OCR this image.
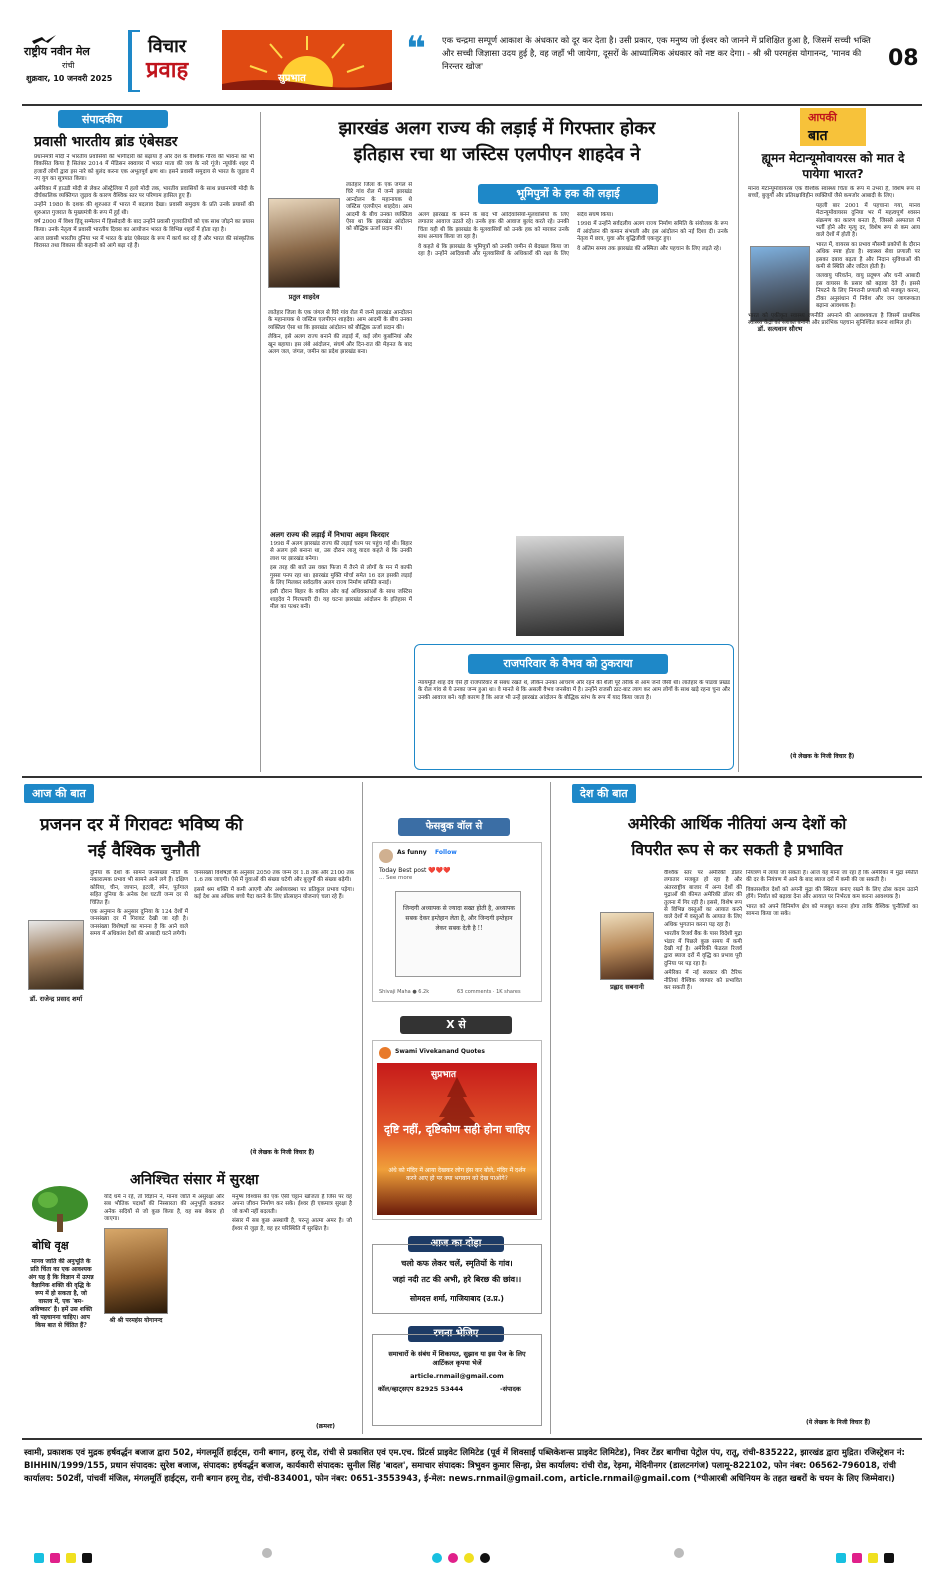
राष्ट्रीय नवीन मेल
रांची
शुक्रवार, 10 जनवरी 2025
विचार
प्रवाह	सुप्रभात
❝ एक चन्द्रमा सम्पूर्ण आकाश के अंधकार को दूर कर देता है। उसी प्रकार, एक मनुष्य जो ईश्वर को जानने में प्रशिक्षित हुआ है, जिसमें सच्ची भक्ति और सच्ची जिज्ञासा उदय हुई है, वह जहाँ भी जायेगा, दूसरों के आध्यात्मिक अंधकार को नष्ट कर देगा। - श्री श्री परमहंस योगानन्द, 'मानव की निरन्तर खोज'	08
संपादकीय
प्रवासी भारतीय ब्रांड एंबेसडर

प्रधानमंत्री मोदी ने भारतीय प्रवासियों की भागीदारी को बढ़ाया है और देश के वैश्विक गौरव की भावना को भी विकसित किया है सितंबर 2014 में मेडिसन स्क्वायर में भारत माता की जय के नारे गूंजे। न्यूयॉर्क शहर में हजारों लोगों द्वारा इस नारे को बुलंद करना एक अभूतपूर्व क्षण था। इसने प्रवासी समुदाय से भारत के जुड़ाव में नए युग का सूत्रपात किया।

अमेरिका में हाउडी मोदी से लेकर ऑस्ट्रेलिया में हलो मोदी तक, भारतीय प्रवासियों के साथ प्रधानमंत्री मोदी के दीर्घकालिक व्यक्तिगत जुड़ाव के कारण वैश्विक स्तर पर परिणाम हासिल हुए हैं।

उन्होंने 1980 के दशक की शुरुआत में भारत में बदलाव देखा। प्रवासी समुदाय के प्रति उनके प्रयासों की शुरुआत गुजरात के मुख्यमंत्री के रूप में हुई थी।

वर्ष 2000 में विश्व हिंदू सम्मेलन में हिस्सेदारी के बाद उन्होंने प्रवासी गुजरातियों को एक साथ जोड़ने का प्रयास किया। उनके नेतृत्व में प्रवासी भारतीय दिवस का आयोजन भारत के विभिन्न शहरों में होता रहा है।

आज प्रवासी भारतीय दुनिया भर में भारत के ब्रांड एंबेसडर के रूप में कार्य कर रहे हैं और भारत की सांस्कृतिक विरासत तथा विकास की कहानी को आगे बढ़ा रहे हैं।

झारखंड अलग राज्य की लड़ाई में गिरफ्तार होकर
इतिहास रचा था जस्टिस एलपीएन शाहदेव ने
प्रतुल शाहदेव

लातेहार जिला के एक जंगल से घिरे गांव रोल में जन्मे झारखंड आन्दोलन के महानायक थे जस्टिस एलपीएन शाहदेव। आम आदमी के बीच उनका व्यक्तित्व ऐसा था कि झारखंड आंदोलन को बौद्धिक ऊर्जा प्रदान की।

लेकिन, इसे अलग राज्य बनाने की लड़ाई में, कई लोग कुर्बानियां और खून बहाया। इस लंबे आंदोलन, संघर्ष और दिन-रात की मेहनत के बाद अलग जल, जंगल, जमीन का प्रदेश झारखंड बना।

लातेहार जिला के एक जंगल से घिरे गांव रोल में जन्मे झारखंड आन्दोलन के महानायक थे जस्टिस एलपीएन शाहदेव। आम आदमी के बीच उनका व्यक्तित्व ऐसा था कि झारखंड आंदोलन को बौद्धिक ऊर्जा प्रदान की।

अलग राज्य की लड़ाई में निभाया अहम किरदार

1998 में अलग झारखंड राज्य की लड़ाई चरम पर पहुंच गई थी। बिहार से अलग इसे बनाना था, उस दौरान लालू यादव कहते थे कि उनकी लाश पर झारखंड बनेगा।

इस तरह की बातें उस वक्त फिजा में तैरने से लोगों के मन में काफी गुस्सा पनप रहा था। झारखंड मुक्ति मोर्चा समेत 16 दल इसकी लड़ाई के लिए मिलकर सर्वदलीय अलग राज्य निर्माण समिति बनाई।

इसी दौरान बिहार के वकील और कई अधिवक्ताओं के साथ जस्टिस शाहदेव ने गिरफ्तारी दी। यह घटना झारखंड आंदोलन के इतिहास में मील का पत्थर बनी।

भूमिपुत्रों के हक की लड़ाई

अलग झारखंड के बनने के बाद भी आदिवासियों-मूलवासियों के लिए लगातार आवाज उठाते रहे। उनके हक की आवाज बुलंद करते रहे। उनकी चिंता यही थी कि झारखंड के मूलवासियों को उनके हक को मारकर उनके साथ अन्याय किया जा रहा है।

वे कहते थे कि झारखंड के भूमिपुत्रों को उनकी जमीन से बेदखल किया जा रहा है। उन्होंने आदिवासी और मूलवासियों के अधिकारों की रक्षा के लिए सदैव संघर्ष किया।

1998 में उन्होंने सर्वदलीय अलग राज्य निर्माण समिति के संयोजक के रूप में आंदोलन की कमान संभाली और इस आंदोलन को नई दिशा दी। उनके नेतृत्व में छात्र, युवा और बुद्धिजीवी एकजुट हुए।

वे अंतिम समय तक झारखंड की अस्मिता और पहचान के लिए लड़ते रहे।

राजपरिवार के वैभव को ठुकराया
न्यायमूर्ति शाह देव ऐसे ही राजपरिवार से संबंध रखते थे, लेकिन उनका आचरण और रहने की शैली पूरे तरीके से आम जनों जैसी थी। लातेहार के पांडवा प्रखंड के रोल गांव से ये उनका जन्म हुआ था। वे मानते थे कि असली वैभव जनसेवा में है। उन्होंने राजसी ठाट-बाट त्याग कर आम लोगों के साथ खड़े रहना चुना और उनकी आवाज बने। यही कारण है कि आज भी उन्हें झारखंड आंदोलन के बौद्धिक स्तंभ के रूप में याद किया जाता है।
आपकी
बात
ह्यूमन मेटान्यूमोवायरस को मात दे पायेगा भारत?
डॉ. सत्यवान सौरभ

मानव मेटान्यूमोवायरस एक वैश्विक स्वास्थ्य चिंता के रूप में उभरा है, विशेष रूप से बच्चों, बुजुर्गों और प्रतिरक्षाविहीन व्यक्तियों जैसे कमजोर आबादी के लिए।

पहली बार 2001 में पहचाना गया, मानव मेटान्यूमोवायरस दुनिया भर में महत्वपूर्ण श्वसन संक्रमण का कारण बनता है, जिससे अस्पताल में भर्ती होने और मृत्यु दर, विशेष रूप से कम आय वाले देशों में होती है।

भारत में, वायरस का प्रभाव मौसमी प्रकोपों के दौरान अधिक स्पष्ट होता है। स्वास्थ्य सेवा प्रणाली पर इसका दबाव बढ़ता है और निदान सुविधाओं की कमी से स्थिति और जटिल होती है।

जलवायु परिवर्तन, वायु प्रदूषण और घनी आबादी इस वायरस के प्रसार को बढ़ावा देते हैं। इससे निपटने के लिए निगरानी प्रणाली को मजबूत करना, टीका अनुसंधान में निवेश और जन जागरूकता बढ़ाना आवश्यक है।

भारत को एकीकृत स्वास्थ्य रणनीति अपनाने की आवश्यकता है जिसमें प्राथमिक स्वास्थ्य केंद्रों को सशक्त बनाना और प्रारंभिक पहचान सुनिश्चित करना शामिल हो।

(ये लेखक के निजी विचार हैं)
आज की बात
प्रजनन दर में गिरावटः भविष्य की
नई वैश्विक चुनौती
डॉ. राजेन्द्र प्रसाद शर्मा

दुनिया के देशों के सामने जनसंख्या नीति के नकारात्मक प्रभाव भी सामने आने लगे हैं। दक्षिण कोरिया, चीन, जापान, इटली, स्पेन, पुर्तगाल सहित दुनिया के अनेक देश घटती जन्म दर से चिंतित हैं।

एक अनुमान के अनुसार दुनिया के 124 देशों में जनसंख्या दर में गिरावट देखी जा रही है। जनसंख्या विशेषज्ञों का मानना है कि आने वाले समय में अधिकांश देशों की आबादी घटने लगेगी।

जनसंख्या विशेषज्ञों के अनुसार 2050 तक जन्म दर 1.8 तक और 2100 तक 1.6 तक जाएगी। ऐसे में युवाओं की संख्या घटेगी और बुजुर्गों की संख्या बढ़ेगी।

इससे श्रम शक्ति में कमी आएगी और अर्थव्यवस्था पर प्रतिकूल प्रभाव पड़ेगा। कई देश अब अधिक बच्चे पैदा करने के लिए प्रोत्साहन योजनाएं चला रहे हैं।

(ये लेखक के निजी विचार हैं)
अनिश्चित संसार में सुरक्षा
श्री श्री परमहंस योगानन्द

यदि धर्म न रहे, तो विज्ञान ने, मानव जाति में असुरक्षा और सब भौतिक पदार्थों की निस्सारता की अनुभूति कराकर अनेक सदियों से जो कुछ किया है, वह सब बेकार हो जाएगा।

मनुष्य विश्वास की एक ऐसी चट्टान खोजता है जिस पर वह अपना जीवन निर्माण कर सके। ईश्वर ही एकमात्र सुरक्षा है जो कभी नहीं बदलती।

संसार में सब कुछ अस्थायी है, परन्तु आत्मा अमर है। जो ईश्वर से जुड़ा है, वह हर परिस्थिति में सुरक्षित है।

(क्रमशः)
बोधि वृक्ष
मानव जाति की अनुभूति के प्रति चिंता का एक आवश्यक अंग यह है कि विज्ञान में उत्पन्न वैज्ञानिक शक्ति की वृद्धि के रूप में हो सकता है, जो वास्तव में, एक 'बम-अविष्कार' है। हमें उस शक्ति को पहचानना चाहिए। आप किस बात से चिंतित हैं?
फेसबुक वॉल से
As funny Follow
Today Best post ❤️❤️❤️
... See more
जिन्दगी अध्यापक से ज्यादा सख्त होती है, अध्यापक सबक देकर इम्तेहान लेता है, और जिन्दगी इम्तेहान लेकर सबक देती है !!
Shivaji Maha ● 6.2k	63 comments · 1K shares
X से
Swami Vivekanand Quotes
सुप्रभात
दृष्टि नहीं, दृष्टिकोण सही होना चाहिए
अंधे को मंदिर में आया देखकर लोग हंस कर बोले, मंदिर में दर्शन करने आए हो पर क्या भगवान को देख पाओगे?
आज का दोहा
चलो कफ लेकर चलें, स्मृतियों के गांव।
जहां नदी तट की अभी, हरे बिरछ की छांव।।
सोमदत्त शर्मा, गाजियाबाद (उ.प्र.)
रचना भेजिए
समाचारों के संबंध में शिकायत, सुझाव या इस पेज के लिए आर्टिकल कृपया भेजें
article.rnmail@gmail.com
कॉल/व्हाट्सएप 82925 53444	-संपादक
देश की बात
अमेरिकी आर्थिक नीतियां अन्य देशों को
विपरीत रूप से कर सकती है प्रभावित
प्रह्लाद सबनानी

वैश्विक स्तर पर अमेरिकी डॉलर लगातार मजबूत हो रहा है और अंतरराष्ट्रीय बाजार में अन्य देशों की मुद्राओं की कीमत अमेरिकी डॉलर की तुलना में गिर रही है। इससे, विशेष रूप से विभिन्न वस्तुओं का आयात करने वाले देशों में वस्तुओं के आयात के लिए अधिक भुगतान करना पड़ रहा है।

भारतीय रिजर्व बैंक के पास विदेशी मुद्रा भंडार में पिछले कुछ समय में कमी देखी गई है। अमेरिकी फेडरल रिजर्व द्वारा ब्याज दरों में वृद्धि का प्रभाव पूरी दुनिया पर पड़ रहा है।

अमेरिका में नई सरकार की टैरिफ नीतियां वैश्विक व्यापार को प्रभावित कर सकती हैं।

नियंत्रण में लाया जा सकता है। आज यह माना जा रहा है कि अमेरिका में मुद्रा स्फीति की दर के नियंत्रण में आने के बाद ब्याज दरों में कमी की जा सकती है।

विकासशील देशों को अपनी मुद्रा की स्थिरता बनाए रखने के लिए ठोस कदम उठाने होंगे। निर्यात को बढ़ावा देना और आयात पर निर्भरता कम करना आवश्यक है।

भारत को अपने विनिर्माण क्षेत्र को मजबूत करना होगा ताकि वैश्विक चुनौतियों का सामना किया जा सके।

(ये लेखक के निजी विचार हैं)
स्वामी, प्रकाशक एवं मुद्रक हर्षवर्द्धन बजाज द्वारा 502, मंगलमूर्ति हाईट्स, रानी बगान, हरमू रोड, रांची से प्रकाशित एवं एम.एच. प्रिंटर्स प्राइवेट लिमिटेड (पूर्व में शिवसाईं पब्लिकेशन्स प्राइवेट लिमिटेड), निवर टेंडर बागीचा पेट्रोल पंप, रातू, रांची-835222, झारखंड द्वारा मुद्रित। रजिस्ट्रेशन नं: BIHHIN/1999/155, प्रधान संपादक: सुरेश बजाज, संपादक: हर्षवर्द्धन बजाज, कार्यकारी संपादक: सुनील सिंह 'बादल', समाचार संपादक: त्रिभुवन कुमार सिन्हा, प्रेस कार्यालय: रांची रोड, रेड़मा, मेदिनीनगर (डालटनगंज) पलामू-822102, फोन नंबर: 06562-796018, रांची कार्यालय: 502वीं, पांचवीं मंजिल, मंगलमूर्ति हाईट्स, रानी बगान हरमू रोड, रांची-834001, फोन नंबर: 0651-3553943, ई-मेल: news.rnmail@gmail.com, article.rnmail@gmail.com (*पीआरबी अधिनियम के तहत खबरों के चयन के लिए जिम्मेवार।)
